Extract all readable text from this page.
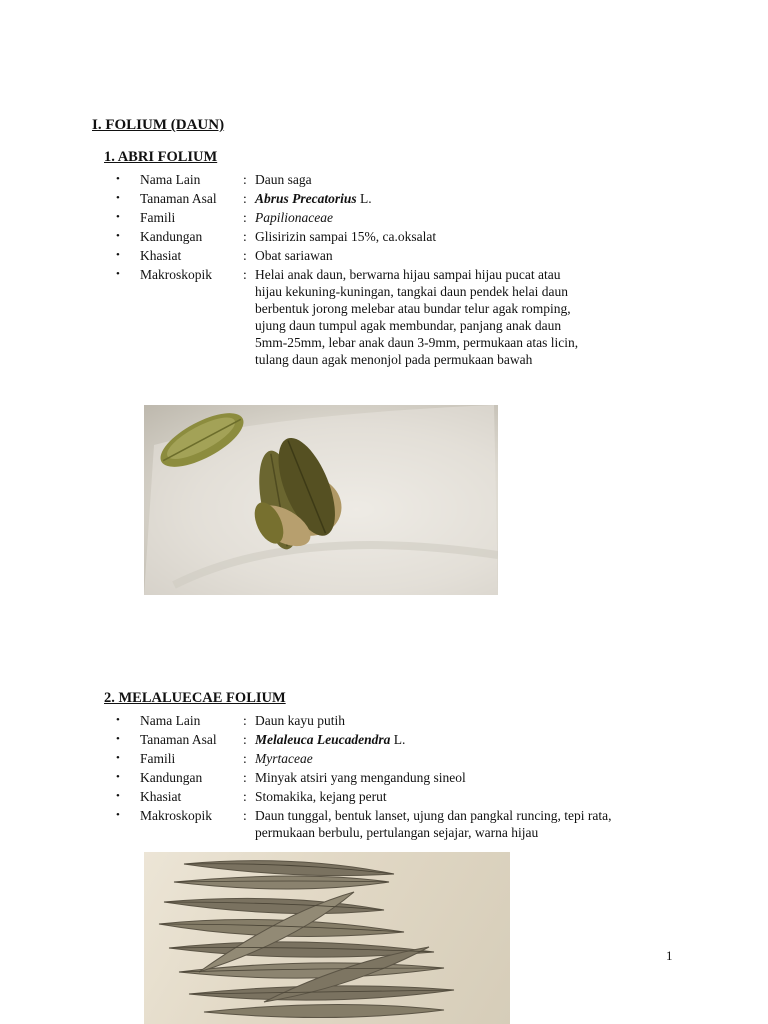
I. FOLIUM (DAUN)
1. ABRI FOLIUM
•	Nama Lain	: Daun saga
•	Tanaman Asal : Abrus Precatorius L.
•	Famili	: Papilionaceae
•	Kandungan	: Glisirizin sampai 15%, ca.oksalat
•	Khasiat	: Obat sariawan
•	Makroskopik : Helai anak daun, berwarna hijau sampai hijau pucat atau
hijau kekuning-kuningan, tangkai daun pendek helai daun
berbentuk jorong melebar atau bundar telur agak romping,
ujung daun tumpul agak membundar, panjang anak daun
5mm-25mm, lebar anak daun 3-9mm, permukaan atas licin,
tulang daun agak menonjol pada permukaan bawah
2. MELALUECAE FOLIUM
•	Nama Lain	: Daun kayu putih
•	Tanaman Asal : Melaleuca Leucadendra L.
•	Famili	: Myrtaceae
•	Kandungan	: Minyak atsiri yang mengandung sineol
•	Khasiat	: Stomakika, kejang perut
•	Makroskopik : Daun tunggal, bentuk lanset, ujung dan pangkal runcing, tepi rata,
permukaan berbulu, pertulangan sejajar, warna hijau
1
